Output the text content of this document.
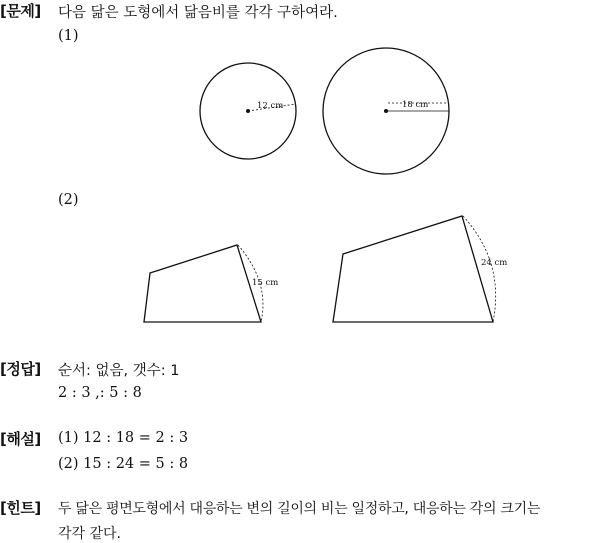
[문제] 다음 닮은 도형에서 닮음비를 각각 구하여라.
(1)
12 cm	18 cm
15 cm
24 cm
(2)
[정답] 순서: 없음, 갯수: 1
2 : 3 ,: 5 : 8
[해설] (1) 12 : 18 = 2 : 3
(2) 15 : 24 = 5 : 8
[힌트] 두 닮은 평면도형에서 대응하는 변의 길이의 비는 일정하고, 대응하는 각의 크기는
각각 같다.
